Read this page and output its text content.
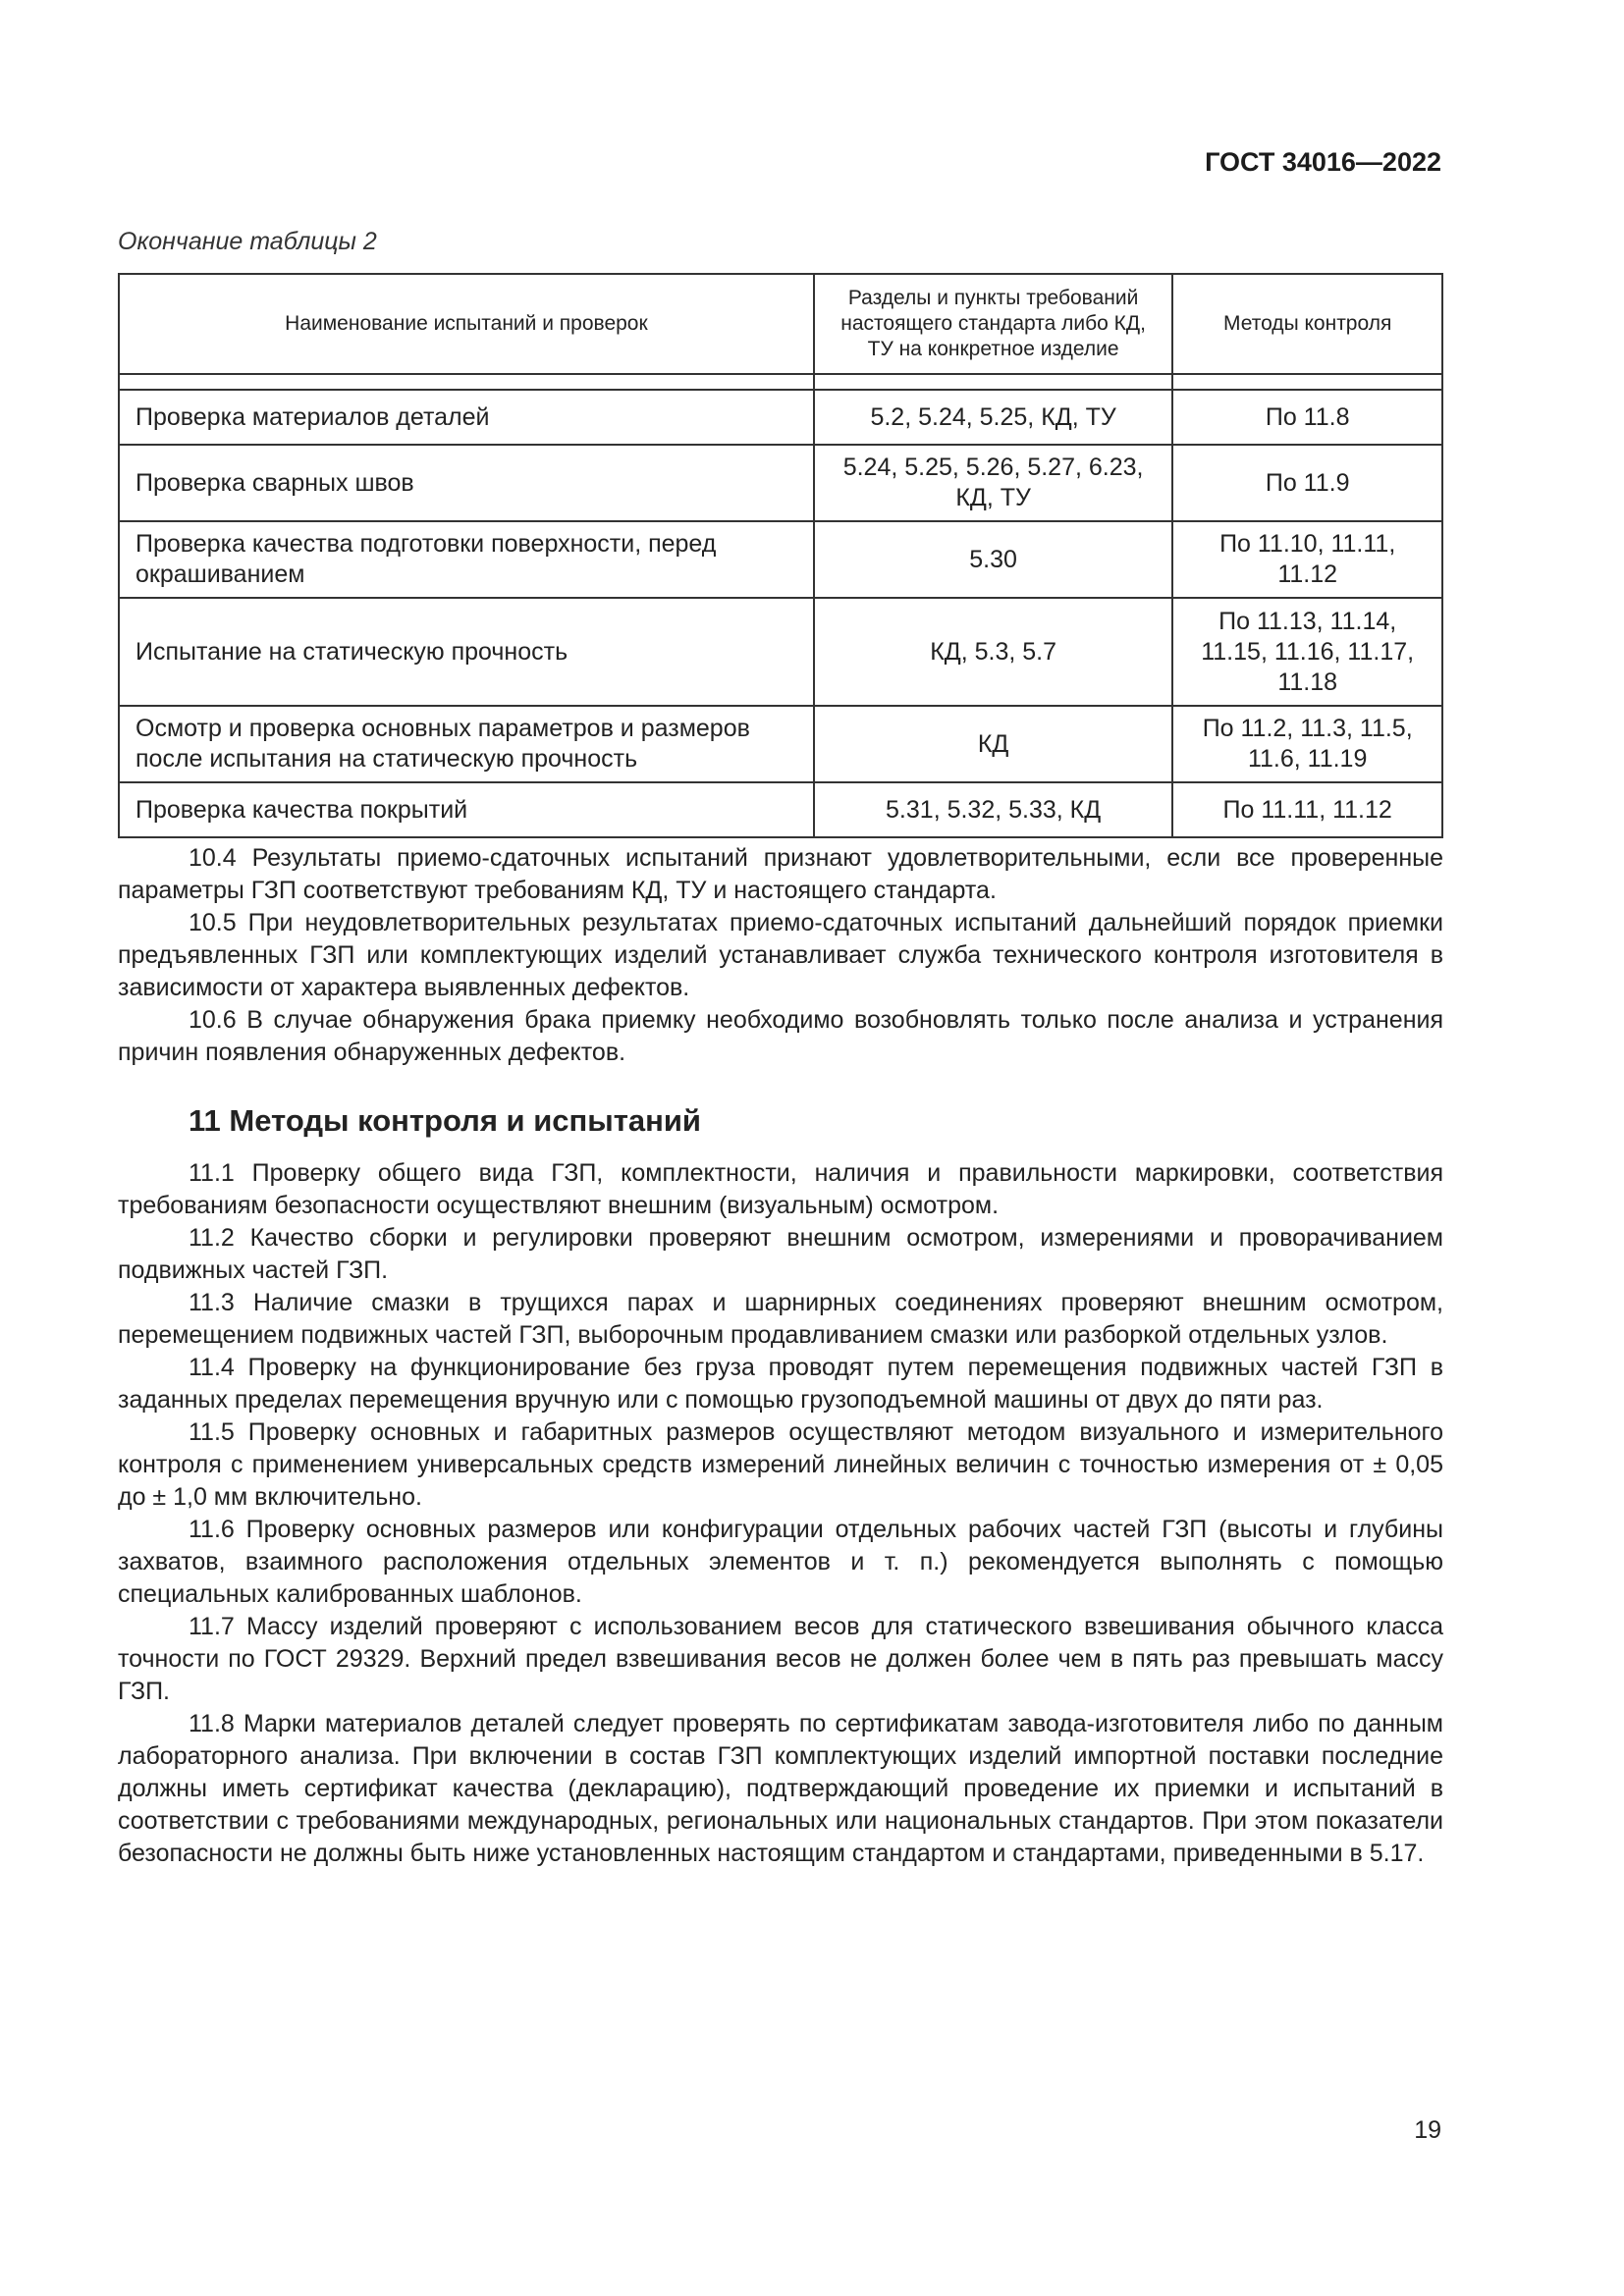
ГОСТ 34016—2022
Окончание таблицы 2
Наименование испытаний и проверок	Разделы и пункты требований настоящего стандарта либо КД, ТУ на конкретное изделие	Методы контроля

Проверка материалов деталей	5.2, 5.24, 5.25, КД, ТУ	По 11.8
Проверка сварных швов	5.24, 5.25, 5.26, 5.27, 6.23, КД, ТУ	По 11.9
Проверка качества подготовки поверхности, перед окрашиванием	5.30	По 11.10, 11.11, 11.12
Испытание на статическую прочность	КД, 5.3, 5.7	По 11.13, 11.14, 11.15, 11.16, 11.17, 11.18
Осмотр и проверка основных параметров и размеров после испытания на статическую прочность	КД	По 11.2, 11.3, 11.5, 11.6, 11.19
Проверка качества покрытий	5.31, 5.32, 5.33, КД	По 11.11, 11.12

10.4 Результаты приемо-сдаточных испытаний признают удовлетворительными, если все проверенные параметры ГЗП соответствуют требованиям КД, ТУ и настоящего стандарта.

10.5 При неудовлетворительных результатах приемо-сдаточных испытаний дальнейший порядок приемки предъявленных ГЗП или комплектующих изделий устанавливает служба технического контроля изготовителя в зависимости от характера выявленных дефектов.

10.6 В случае обнаружения брака приемку необходимо возобновлять только после анализа и устранения причин появления обнаруженных дефектов.

11 Методы контроля и испытаний

11.1 Проверку общего вида ГЗП, комплектности, наличия и правильности маркировки, соответствия требованиям безопасности осуществляют внешним (визуальным) осмотром.

11.2 Качество сборки и регулировки проверяют внешним осмотром, измерениями и проворачиванием подвижных частей ГЗП.

11.3 Наличие смазки в трущихся парах и шарнирных соединениях проверяют внешним осмотром, перемещением подвижных частей ГЗП, выборочным продавливанием смазки или разборкой отдельных узлов.

11.4 Проверку на функционирование без груза проводят путем перемещения подвижных частей ГЗП в заданных пределах перемещения вручную или с помощью грузоподъемной машины от двух до пяти раз.

11.5 Проверку основных и габаритных размеров осуществляют методом визуального и измерительного контроля с применением универсальных средств измерений линейных величин с точностью измерения от ± 0,05 до ± 1,0 мм включительно.

11.6 Проверку основных размеров или конфигурации отдельных рабочих частей ГЗП (высоты и глубины захватов, взаимного расположения отдельных элементов и т. п.) рекомендуется выполнять с помощью специальных калиброванных шаблонов.

11.7 Массу изделий проверяют с использованием весов для статического взвешивания обычного класса точности по ГОСТ 29329. Верхний предел взвешивания весов не должен более чем в пять раз превышать массу ГЗП.

11.8 Марки материалов деталей следует проверять по сертификатам завода-изготовителя либо по данным лабораторного анализа. При включении в состав ГЗП комплектующих изделий импортной поставки последние должны иметь сертификат качества (декларацию), подтверждающий проведение их приемки и испытаний в соответствии с требованиями международных, региональных или национальных стандартов. При этом показатели безопасности не должны быть ниже установленных настоящим стандартом и стандартами, приведенными в 5.17.

19
